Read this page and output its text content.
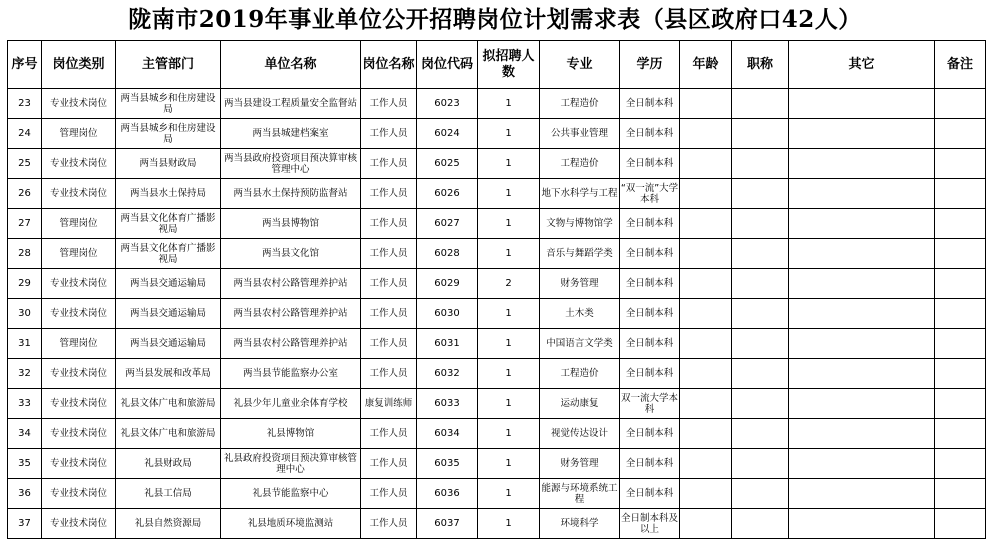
陇南市2019年事业单位公开招聘岗位计划需求表（县区政府口42人）
序号	岗位类别	主管部门	单位名称	岗位名称	岗位代码	拟招聘人数	专业	学历	年龄	职称	其它	备注
23	专业技术岗位	两当县城乡和住房建设局	两当县建设工程质量安全监督站	工作人员	6023	1	工程造价	全日制本科				
24	管理岗位	两当县城乡和住房建设局	两当县城建档案室	工作人员	6024	1	公共事业管理	全日制本科				
25	专业技术岗位	两当县财政局	两当县政府投资项目预决算审核管理中心	工作人员	6025	1	工程造价	全日制本科				
26	专业技术岗位	两当县水土保持局	两当县水土保持预防监督站	工作人员	6026	1	地下水科学与工程	“双一流”大学本科				
27	管理岗位	两当县文化体育广播影视局	两当县博物馆	工作人员	6027	1	文物与博物馆学	全日制本科				
28	管理岗位	两当县文化体育广播影视局	两当县文化馆	工作人员	6028	1	音乐与舞蹈学类	全日制本科				
29	专业技术岗位	两当县交通运输局	两当县农村公路管理养护站	工作人员	6029	2	财务管理	全日制本科				
30	专业技术岗位	两当县交通运输局	两当县农村公路管理养护站	工作人员	6030	1	土木类	全日制本科				
31	管理岗位	两当县交通运输局	两当县农村公路管理养护站	工作人员	6031	1	中国语言文学类	全日制本科				
32	专业技术岗位	两当县发展和改革局	两当县节能监察办公室	工作人员	6032	1	工程造价	全日制本科				
33	专业技术岗位	礼县文体广电和旅游局	礼县少年儿童业余体育学校	康复训练师	6033	1	运动康复	双一流大学本科				
34	专业技术岗位	礼县文体广电和旅游局	礼县博物馆	工作人员	6034	1	视觉传达设计	全日制本科				
35	专业技术岗位	礼县财政局	礼县政府投资项目预决算审核管理中心	工作人员	6035	1	财务管理	全日制本科				
36	专业技术岗位	礼县工信局	礼县节能监察中心	工作人员	6036	1	能源与环境系统工程	全日制本科				
37	专业技术岗位	礼县自然资源局	礼县地质环境监测站	工作人员	6037	1	环境科学	全日制本科及以上				
